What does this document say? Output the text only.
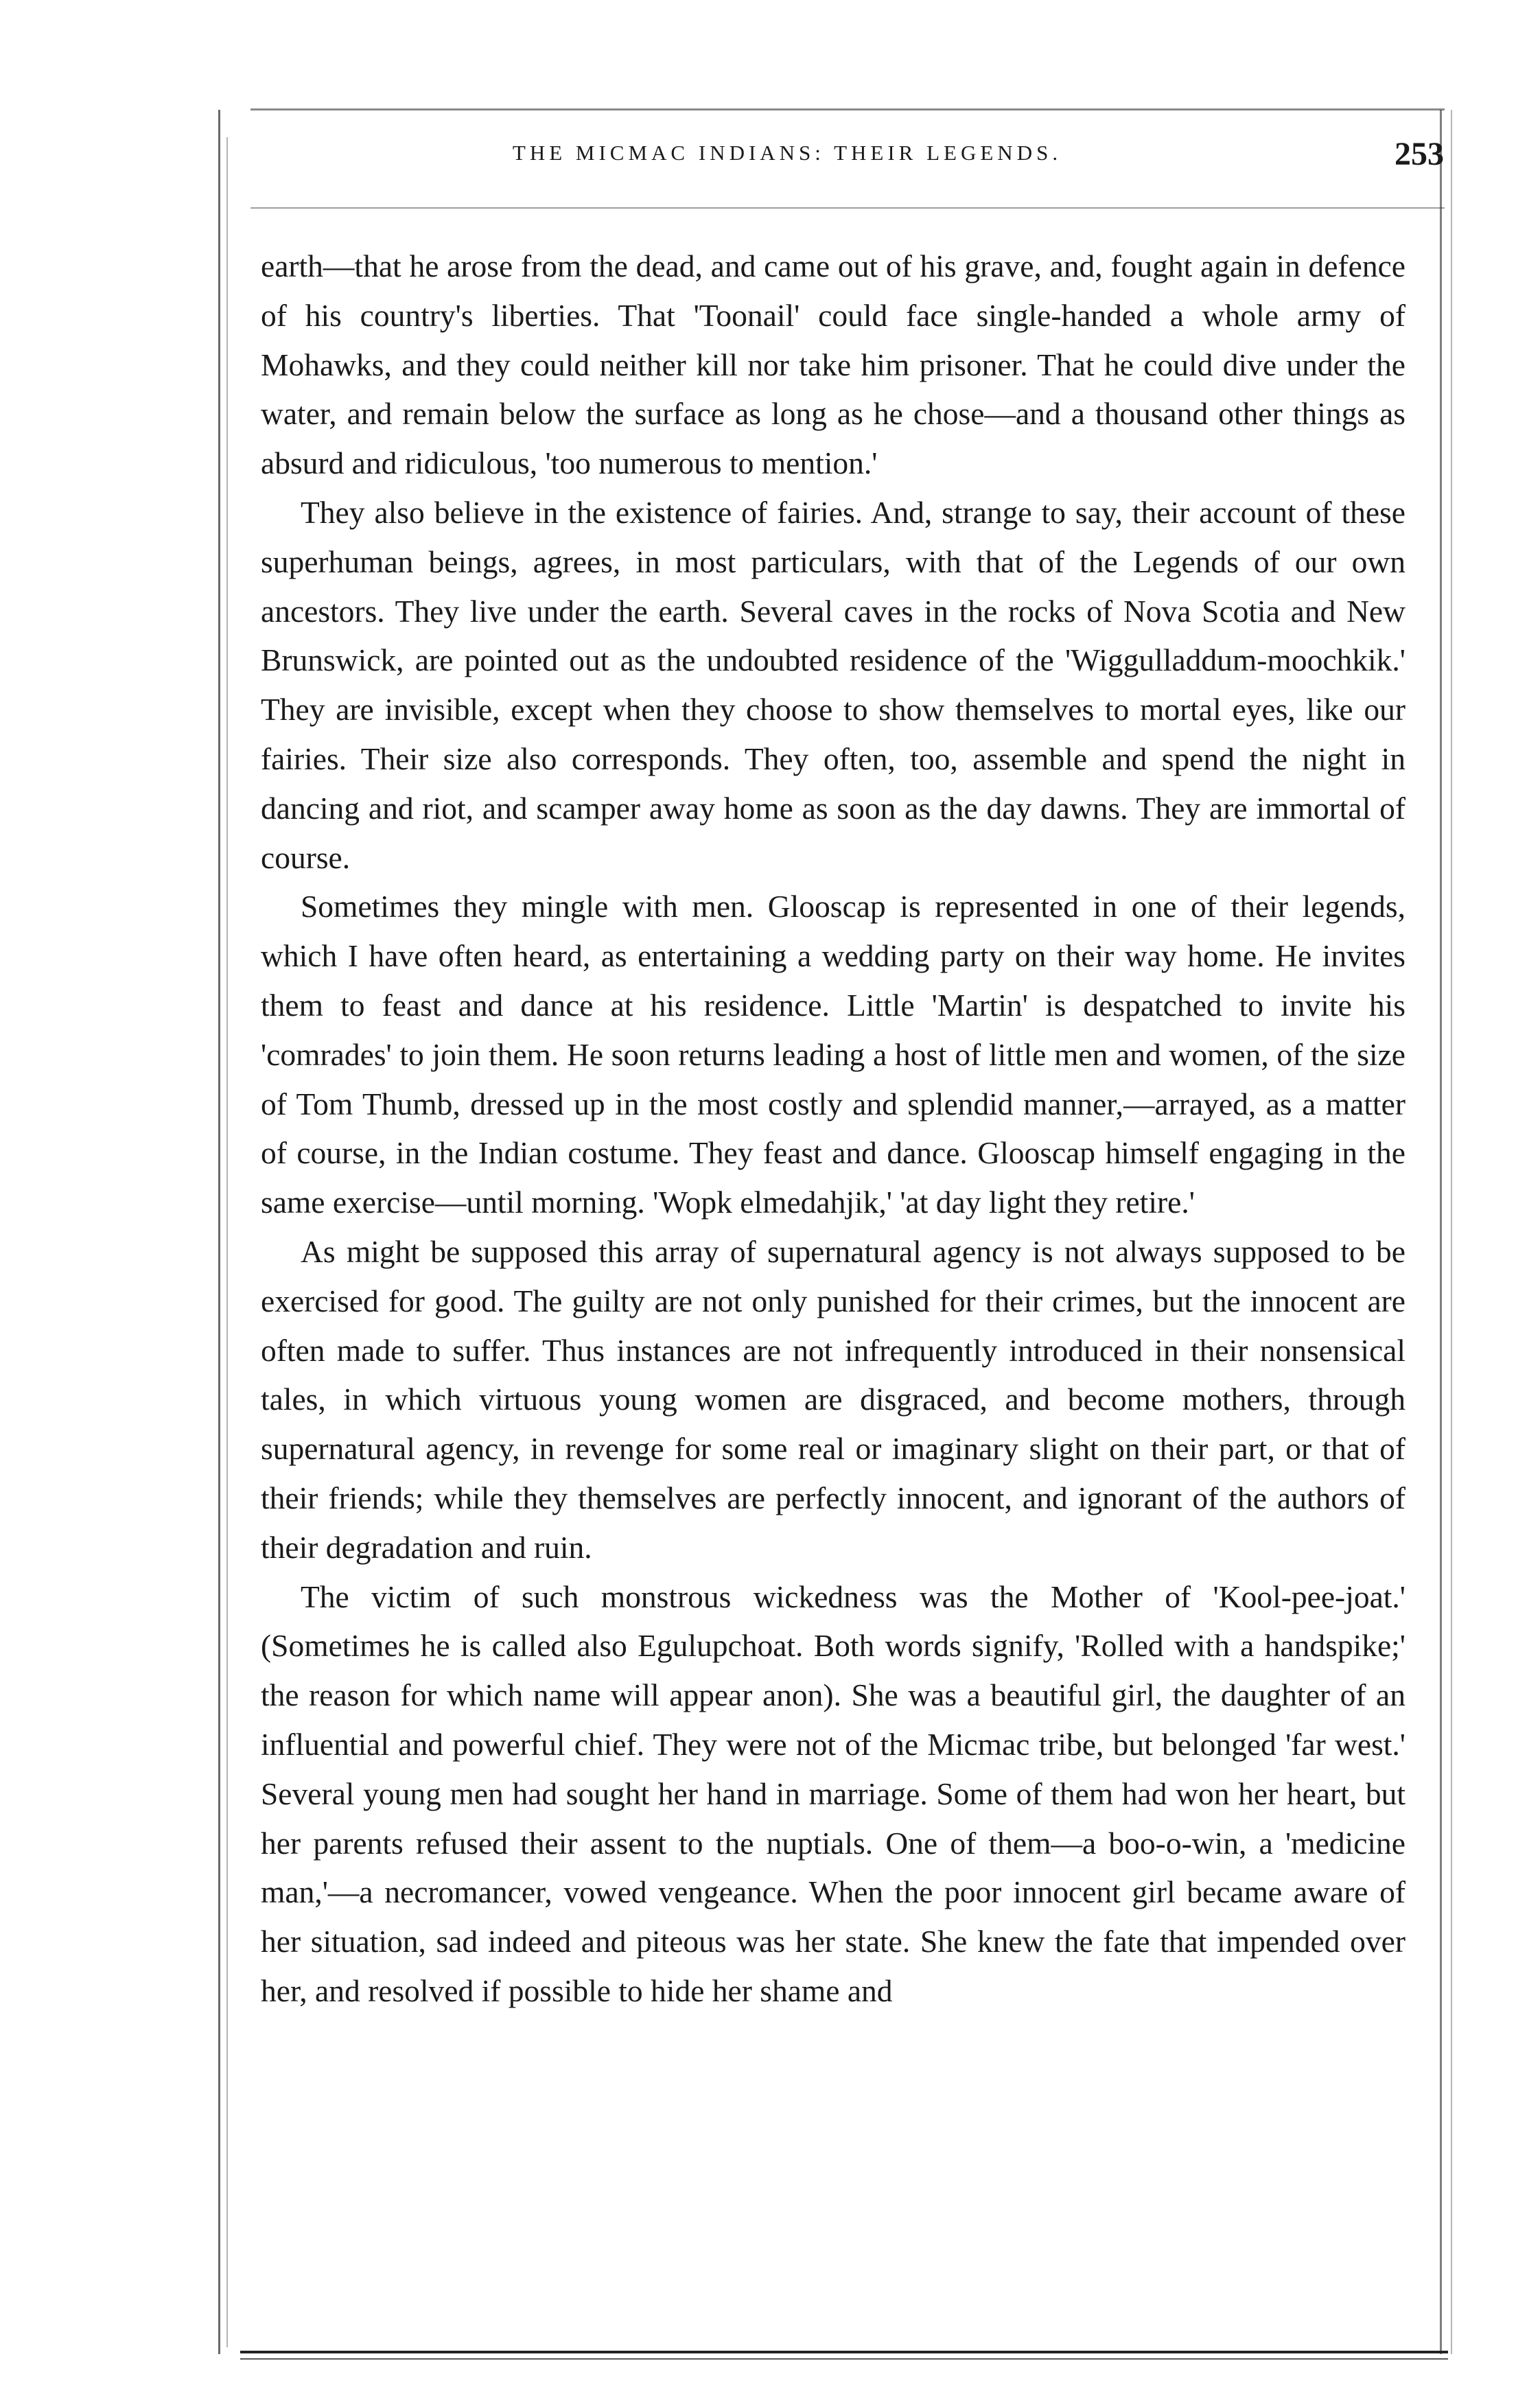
THE MICMAC INDIANS: THEIR LEGENDS.	253

earth—that he arose from the dead, and came out of his grave, and, fought again in defence of his country's liberties. That 'Toonail' could face single-handed a whole army of Mohawks, and they could neither kill nor take him prisoner. That he could dive under the water, and remain below the surface as long as he chose—and a thousand other things as absurd and ridiculous, 'too numerous to mention.'

They also believe in the existence of fairies. And, strange to say, their account of these superhuman beings, agrees, in most particulars, with that of the Legends of our own ancestors. They live under the earth. Several caves in the rocks of Nova Scotia and New Brunswick, are pointed out as the undoubted residence of the 'Wiggulladdum-moochkik.' They are invisible, except when they choose to show themselves to mortal eyes, like our fairies. Their size also corresponds. They often, too, assemble and spend the night in dancing and riot, and scamper away home as soon as the day dawns. They are immortal of course.

Sometimes they mingle with men. Glooscap is represented in one of their legends, which I have often heard, as entertaining a wedding party on their way home. He invites them to feast and dance at his residence. Little 'Martin' is despatched to invite his 'comrades' to join them. He soon returns leading a host of little men and women, of the size of Tom Thumb, dressed up in the most costly and splendid manner,—arrayed, as a matter of course, in the Indian costume. They feast and dance. Glooscap himself engaging in the same exercise—until morning. 'Wopk elmedahjik,' 'at day light they retire.'

As might be supposed this array of supernatural agency is not always supposed to be exercised for good. The guilty are not only punished for their crimes, but the innocent are often made to suffer. Thus instances are not infrequently introduced in their nonsensical tales, in which virtuous young women are disgraced, and become mothers, through supernatural agency, in revenge for some real or imaginary slight on their part, or that of their friends; while they themselves are perfectly innocent, and ignorant of the authors of their degradation and ruin.

The victim of such monstrous wickedness was the Mother of 'Kool-pee-joat.' (Sometimes he is called also Egulupchoat. Both words signify, 'Rolled with a handspike;' the reason for which name will appear anon). She was a beautiful girl, the daughter of an influential and powerful chief. They were not of the Micmac tribe, but belonged 'far west.' Several young men had sought her hand in marriage. Some of them had won her heart, but her parents refused their assent to the nuptials. One of them—a boo-o-win, a 'medicine man,'—a necromancer, vowed vengeance. When the poor innocent girl became aware of her situation, sad indeed and piteous was her state. She knew the fate that impended over her, and resolved if possible to hide her shame and
